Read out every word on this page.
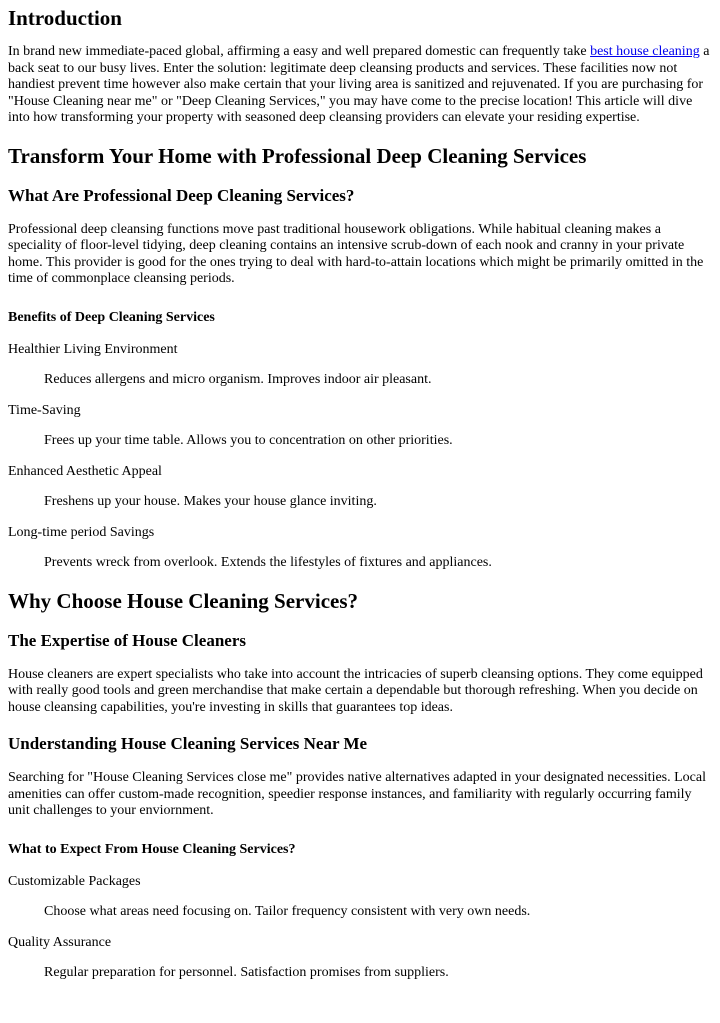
Introduction

In brand new immediate-paced global, affirming a easy and well prepared domestic can frequently take best house cleaning a back seat to our busy lives. Enter the solution: legitimate deep cleansing products and services. These facilities now not handiest prevent time however also make certain that your living area is sanitized and rejuvenated. If you are purchasing for "House Cleaning near me" or "Deep Cleaning Services," you may have come to the precise location! This article will dive into how transforming your property with seasoned deep cleansing providers can elevate your residing expertise.

Transform Your Home with Professional Deep Cleaning Services
What Are Professional Deep Cleaning Services?

Professional deep cleansing functions move past traditional housework obligations. While habitual cleaning makes a speciality of floor-level tidying, deep cleaning contains an intensive scrub-down of each nook and cranny in your private home. This provider is good for the ones trying to deal with hard-to-attain locations which might be primarily omitted in the time of commonplace cleansing periods.

Benefits of Deep Cleaning Services
Healthier Living Environment
Reduces allergens and micro organism. Improves indoor air pleasant.
Time-Saving
Frees up your time table. Allows you to concentration on other priorities.
Enhanced Aesthetic Appeal
Freshens up your house. Makes your house glance inviting.
Long-time period Savings
Prevents wreck from overlook. Extends the lifestyles of fixtures and appliances.
Why Choose House Cleaning Services?
The Expertise of House Cleaners

House cleaners are expert specialists who take into account the intricacies of superb cleansing options. They come equipped with really good tools and green merchandise that make certain a dependable but thorough refreshing. When you decide on house cleansing capabilities, you're investing in skills that guarantees top ideas.

Understanding House Cleaning Services Near Me

Searching for "House Cleaning Services close me" provides native alternatives adapted in your designated necessities. Local amenities can offer custom-made recognition, speedier response instances, and familiarity with regularly occurring family unit challenges to your enviornment.

What to Expect From House Cleaning Services?
Customizable Packages
Choose what areas need focusing on. Tailor frequency consistent with very own needs.
Quality Assurance
Regular preparation for personnel. Satisfaction promises from suppliers.
